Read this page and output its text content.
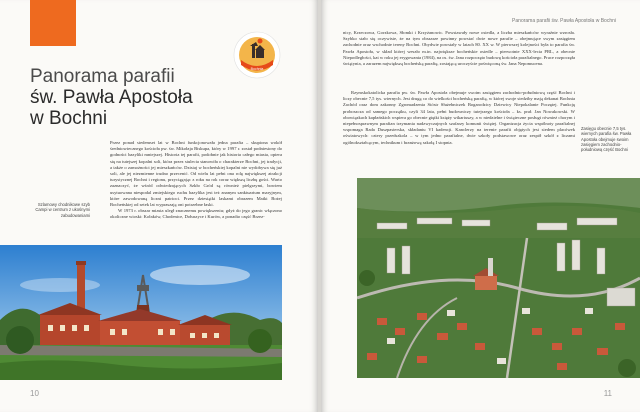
Bochnia
Panorama parafii
św. Pawła Apostoła
w Bochni
Przez ponad siedemset lat w Bochni funkcjonowała jedna parafia – skupiona wokół średniowiecznego kościoła pw. św. Mikołaja Biskupa, który w 1997 r. został podniesiony do godności bazyliki mniejszej. Historia tej parafii, podobnie jak historia całego miasta, opiera się na tutejszej kopalni soli, która przez stulecia stanowiła o charakterze Bochni, jej tradycji, a także o zamożności jej mieszkańców. Dzisiaj w bocheńskiej kopalni nie wydobywa się już soli, ale jej niezmienne trudno przecenić. Od wielu lat pełni ona rolę największej atrakcji turystycznej Bochni i regionu, przyciągając z roku na rok coraz większą liczbę gości. Warto zaznaczyć, że wśród odwiedzających Szkło Gród są również pielgrzymi, bowiem usytuowana niespodal zmiejskiego ruchu bazylika jest też znanym sanktuarium maryjnym, które zawodowaną liczni patrioci. Przez dziesiątki laskami obrazem Matki Bożej Bocheńskiej od setek lat wypraszają oni potrzebne łaski.
W 1973 r. obszar miasta uległ znacznemu powiększeniu; gdyż do jego granic włączono okoliczne wioski: Kołaków, Chodenice, Dołuszyce i Kurów, a ponadto część Brzez-
Szlamowy chodnikowe szyb Campi w centrum z ukośnymi zabudowaniami
10
Panorama parafii św. Pawła Apostoła w Bochni
nicy, Krzeczowa, Gorzkowa, Słomki i Krzyżanowic. Powstawały nowe osiedla, a liczba mieszkańców wyraźnie wzrosła. Szybko stało się oczywiste, że na tym obszarze powinny powstać dwie nowe parafie – obejmujące swym zasięgiem zachodnie oraz wschodnie tereny Bochni. Obydwie powstały w latach 80. XX w. W pierwszej kolejności była to parafia św. Pawła Apostoła, w skład której weszło m.in. największe bocheńskie osiedle – pierwotnie XXX-lecia PRL, a obecnie Niepodległości, kat w roku jej erygowania (1984), na os. św. Jana rozpoczęto budowę kościoła parafialnego. Prace rozpoczęła świątynia, a zarazem największą bocheńską parafię, zostającą uroczyście poświęconą św. Jana Nepomucena.
Rzymskokatolicka parafia pw. św. Pawła Apostoła obejmuje swoim zasięgiem zachodnio-południową część Bochni i liczy obecnie 7,5 tys. wiernych. Jest drugą co do wielkości bocheńską parafią, w której swoje siedziby mają dekanat Bochnia Zachód oraz dom zakonny Zgromadzenia Sióstr Służebniczek Bogarodzicy Dziewicy Niepokalanie Poczętej. Funkcję proboszcza od samego początku, czyli 34 lata, pełni budowniczy tutejszego kościoła – ks. prał. Jan Nowakowski. W obowiązkach kapłańskich wspiera go obecnie giętki księży wikariuszy, a w niedzielne i świąteczne posługi również chorym i niepełnosprawnym parafian trzymania nadzwyczajnych szafarzy komunii świętej. Organizacja życia wspólnoty parafialnej wspomaga Rada Duszpasterska, składaniu VI kadencji. Kanclerzy na terenie parafii objętych jest siedem placówek oświatowych: cztery przedszkola – w tym jedno parafialne, dwie szkoły podstawowe oraz zespół szkół z liczami ogólnokształcącym, technikum i branżową szkołą I stopnia.
Zasięgu obecnie 7,5 tys. wiernych parafia św. Pawła Apostoła obejmuje swoim zasięgiem zachodnio-południową część Bochni
11
